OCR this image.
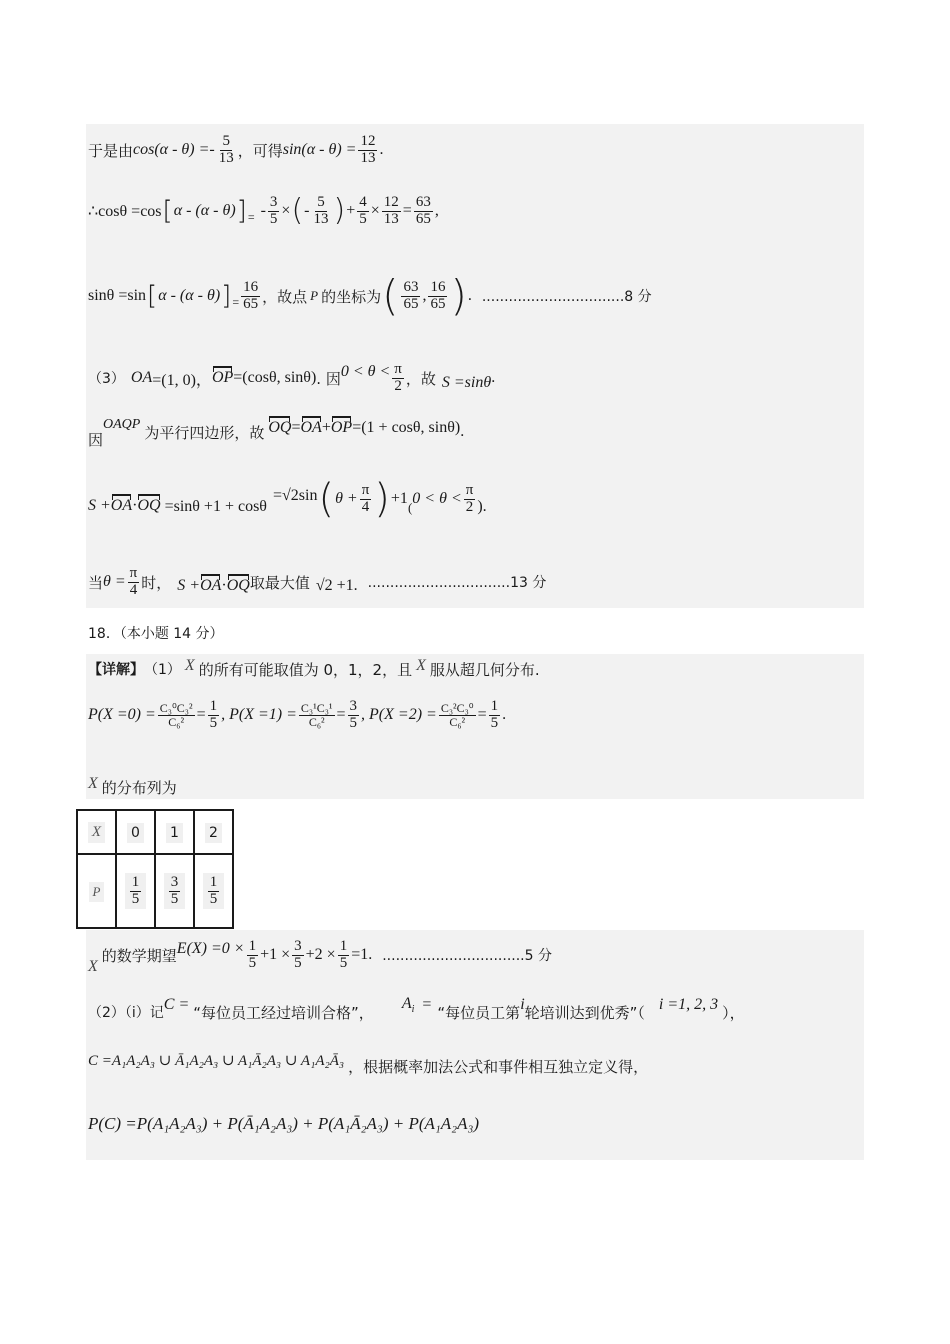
于是由 $\cos(\alpha - \theta) =- \frac{5}{13}$ ，可得 $\sin(\alpha - \theta) = \frac{12}{13}$ .
∴cosθ =cos [ α - (α - θ) ] = - $\frac{3}{5}$ × ( - $\frac{5}{13}$ ) + $\frac{4}{5} \times \frac{12}{13} = \frac{63}{65}$ ,
sinθ =sin [ α - (α - θ) ] = $\frac{16}{65}$ ，故点 P 的坐标为 ( $\frac{63}{65}$ , $\frac{16}{65}$ ) . ................................8 分
（3） OA =(1, 0)， OP =(cosθ, sinθ) . 因 $0 < \theta < \frac{\pi}{2}$ ，故 S =sinθ .
因
OAQP 为平行四边形，故 OQ = OA + OP =(1 + cosθ, sinθ) .
S + OA · OQ =sinθ +1 + cosθ
=√2sin ( $\theta + \frac{\pi}{4}$ ) +1
(
$0 < \theta < \frac{\pi}{2}$ ).
当 $\theta = \frac{\pi}{4}$ 时， S + OA · OQ 取最大值 √2 +1 . ................................13 分
18．（本小题 14 分）
【详解】 （1） X 的所有可能取值为 0，1，2，且 X 服从超几何分布.
$P(X =0) = \frac{\text{C₃⁰C₃²}}{\text{C₆²}} = \frac{1}{5}$ , $P(X =1) = \frac{\text{C₃¹C₃¹}}{\text{C₆²}} = \frac{3}{5}$ , $P(X =2) = \frac{\text{C₃²C₃⁰}}{\text{C₆²}} = \frac{1}{5}$ .
X 的分布列为
X	0	1	2
P	$\frac{1}{5}$	$\frac{3}{5}$	$\frac{1}{5}$
X
的数学期望 $E(X) =0 \times \frac{1}{5} +1 \times \frac{3}{5} +2 \times \frac{1}{5} =1$ . ................................5 分
（2）（ⅰ）记 C = “每位员工经过培训合格”， $A_i$ = “每位员工第 i 轮培训达到优秀”（ i =1, 2, 3 ），
C =A₁A₂A₃ ∪ Ā₁A₂A₃ ∪ A₁Ā₂A₃ ∪ A₁A₂Ā₃ ，根据概率加法公式和事件相互独立定义得，
P(C) =P(A₁A₂A₃) + P(Ā₁A₂A₃) + P(A₁Ā₂A₃) + P(A₁A₂A₃)
